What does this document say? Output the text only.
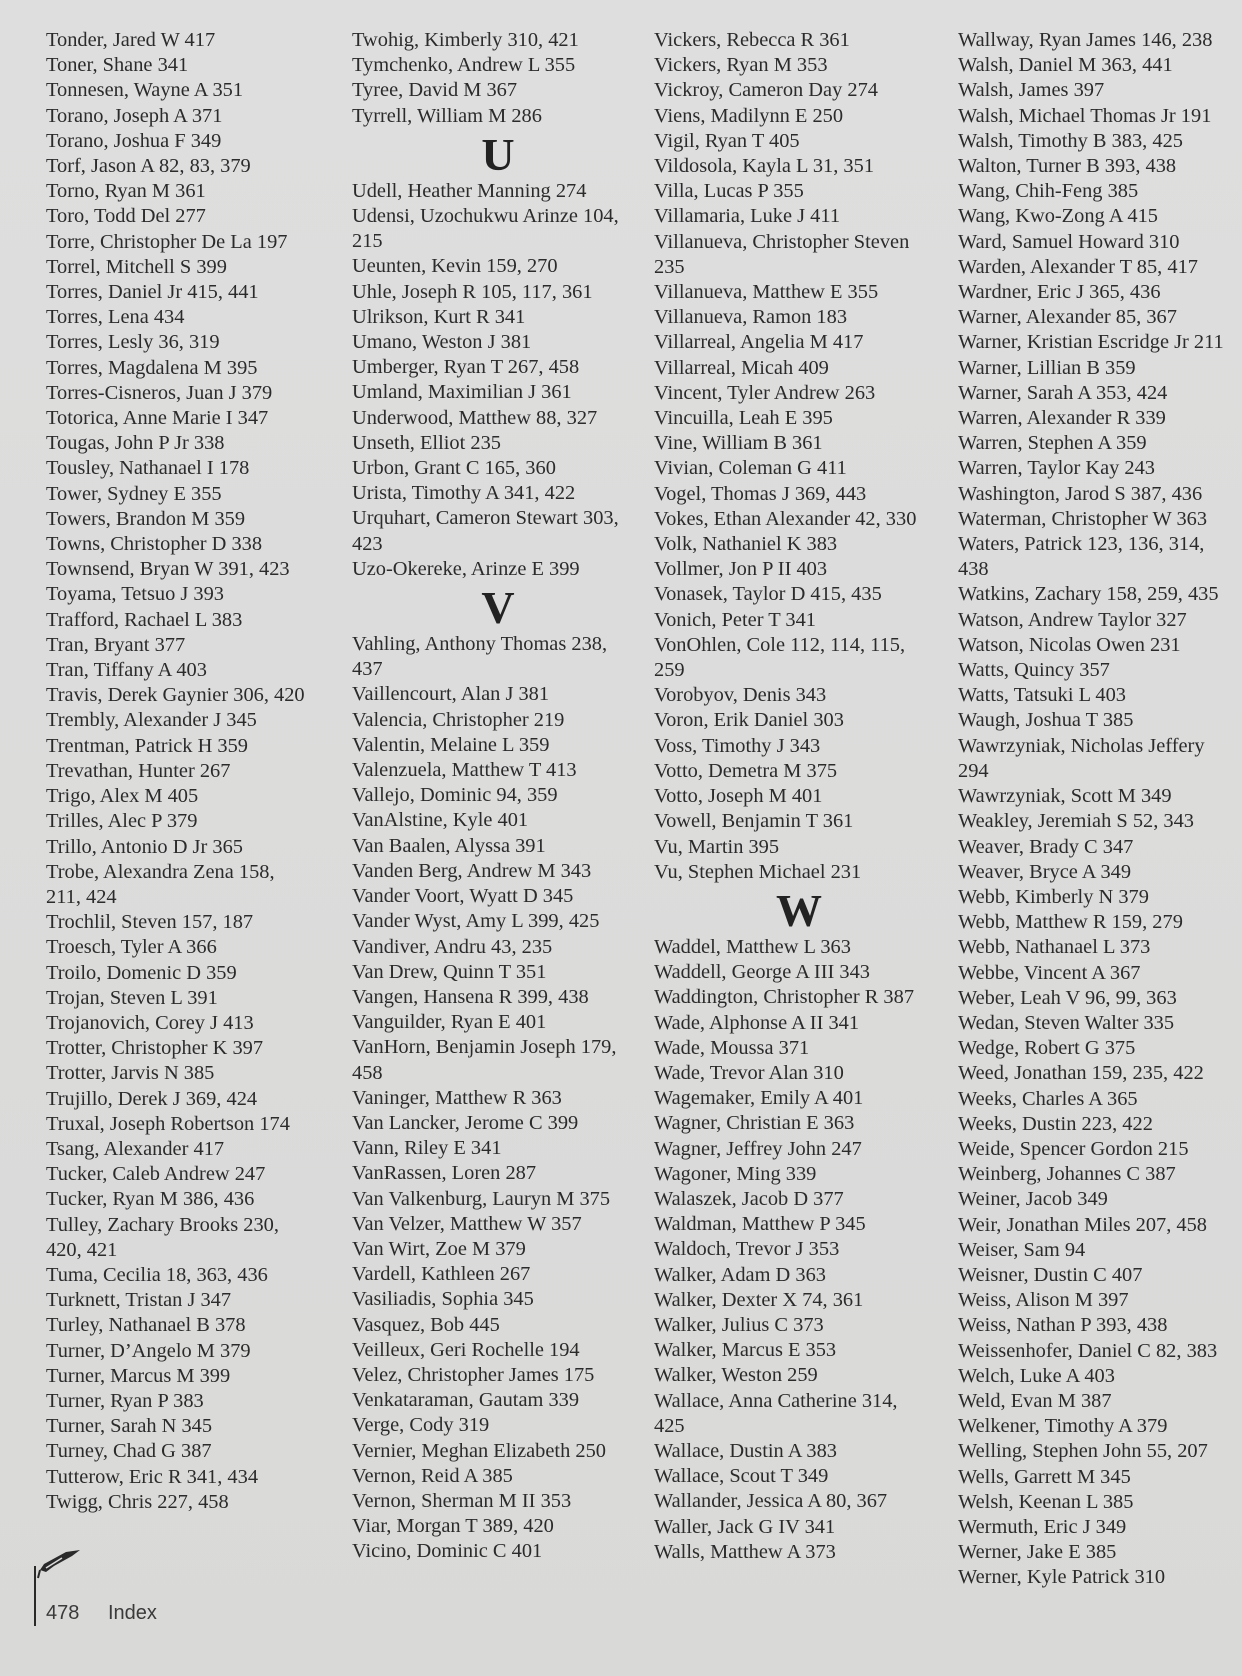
Tonder, Jared W 417
Toner, Shane 341
Tonnesen, Wayne A 351
Torano, Joseph A 371
Torano, Joshua F 349
Torf, Jason A 82, 83, 379
Torno, Ryan M 361
Toro, Todd Del 277
Torre, Christopher De La 197
Torrel, Mitchell S 399
Torres, Daniel Jr 415, 441
Torres, Lena 434
Torres, Lesly 36, 319
Torres, Magdalena M 395
Torres-Cisneros, Juan J 379
Totorica, Anne Marie I 347
Tougas, John P Jr 338
Tousley, Nathanael I 178
Tower, Sydney E 355
Towers, Brandon M 359
Towns, Christopher D 338
Townsend, Bryan W 391, 423
Toyama, Tetsuo J 393
Trafford, Rachael L 383
Tran, Bryant 377
Tran, Tiffany A 403
Travis, Derek Gaynier 306, 420
Trembly, Alexander J 345
Trentman, Patrick H 359
Trevathan, Hunter 267
Trigo, Alex M 405
Trilles, Alec P 379
Trillo, Antonio D Jr 365
Trobe, Alexandra Zena 158,
211, 424
Trochlil, Steven 157, 187
Troesch, Tyler A 366
Troilo, Domenic D 359
Trojan, Steven L 391
Trojanovich, Corey J 413
Trotter, Christopher K 397
Trotter, Jarvis N 385
Trujillo, Derek J 369, 424
Truxal, Joseph Robertson 174
Tsang, Alexander 417
Tucker, Caleb Andrew 247
Tucker, Ryan M 386, 436
Tulley, Zachary Brooks 230,
420, 421
Tuma, Cecilia 18, 363, 436
Turknett, Tristan J 347
Turley, Nathanael B 378
Turner, D’Angelo M 379
Turner, Marcus M 399
Turner, Ryan P 383
Turner, Sarah N 345
Turney, Chad G 387
Tutterow, Eric R 341, 434
Twigg, Chris 227, 458
Twohig, Kimberly 310, 421
Tymchenko, Andrew L 355
Tyree, David M 367
Tyrrell, William M 286
U
Udell, Heather Manning 274
Udensi, Uzochukwu Arinze 104,
215
Ueunten, Kevin 159, 270
Uhle, Joseph R 105, 117, 361
Ulrikson, Kurt R 341
Umano, Weston J 381
Umberger, Ryan T 267, 458
Umland, Maximilian J 361
Underwood, Matthew 88, 327
Unseth, Elliot 235
Urbon, Grant C 165, 360
Urista, Timothy A 341, 422
Urquhart, Cameron Stewart 303,
423
Uzo-Okereke, Arinze E 399
V
Vahling, Anthony Thomas 238,
437
Vaillencourt, Alan J 381
Valencia, Christopher 219
Valentin, Melaine L 359
Valenzuela, Matthew T 413
Vallejo, Dominic 94, 359
VanAlstine, Kyle 401
Van Baalen, Alyssa 391
Vanden Berg, Andrew M 343
Vander Voort, Wyatt D 345
Vander Wyst, Amy L 399, 425
Vandiver, Andru 43, 235
Van Drew, Quinn T 351
Vangen, Hansena R 399, 438
Vanguilder, Ryan E 401
VanHorn, Benjamin Joseph 179,
458
Vaninger, Matthew R 363
Van Lancker, Jerome C 399
Vann, Riley E 341
VanRassen, Loren 287
Van Valkenburg, Lauryn M 375
Van Velzer, Matthew W 357
Van Wirt, Zoe M 379
Vardell, Kathleen 267
Vasiliadis, Sophia 345
Vasquez, Bob 445
Veilleux, Geri Rochelle 194
Velez, Christopher James 175
Venkataraman, Gautam 339
Verge, Cody 319
Vernier, Meghan Elizabeth 250
Vernon, Reid A 385
Vernon, Sherman M II 353
Viar, Morgan T 389, 420
Vicino, Dominic C 401
Vickers, Rebecca R 361
Vickers, Ryan M 353
Vickroy, Cameron Day 274
Viens, Madilynn E 250
Vigil, Ryan T 405
Vildosola, Kayla L 31, 351
Villa, Lucas P 355
Villamaria, Luke J 411
Villanueva, Christopher Steven
235
Villanueva, Matthew E 355
Villanueva, Ramon 183
Villarreal, Angelia M 417
Villarreal, Micah 409
Vincent, Tyler Andrew 263
Vincuilla, Leah E 395
Vine, William B 361
Vivian, Coleman G 411
Vogel, Thomas J 369, 443
Vokes, Ethan Alexander 42, 330
Volk, Nathaniel K 383
Vollmer, Jon P II 403
Vonasek, Taylor D 415, 435
Vonich, Peter T 341
VonOhlen, Cole 112, 114, 115,
259
Vorobyov, Denis 343
Voron, Erik Daniel 303
Voss, Timothy J 343
Votto, Demetra M 375
Votto, Joseph M 401
Vowell, Benjamin T 361
Vu, Martin 395
Vu, Stephen Michael 231
W
Waddel, Matthew L 363
Waddell, George A III 343
Waddington, Christopher R 387
Wade, Alphonse A II 341
Wade, Moussa 371
Wade, Trevor Alan 310
Wagemaker, Emily A 401
Wagner, Christian E 363
Wagner, Jeffrey John 247
Wagoner, Ming 339
Walaszek, Jacob D 377
Waldman, Matthew P 345
Waldoch, Trevor J 353
Walker, Adam D 363
Walker, Dexter X 74, 361
Walker, Julius C 373
Walker, Marcus E 353
Walker, Weston 259
Wallace, Anna Catherine 314,
425
Wallace, Dustin A 383
Wallace, Scout T 349
Wallander, Jessica A 80, 367
Waller, Jack G IV 341
Walls, Matthew A 373
Wallway, Ryan James 146, 238
Walsh, Daniel M 363, 441
Walsh, James 397
Walsh, Michael Thomas Jr 191
Walsh, Timothy B 383, 425
Walton, Turner B 393, 438
Wang, Chih-Feng 385
Wang, Kwo-Zong A 415
Ward, Samuel Howard 310
Warden, Alexander T 85, 417
Wardner, Eric J 365, 436
Warner, Alexander 85, 367
Warner, Kristian Escridge Jr 211
Warner, Lillian B 359
Warner, Sarah A 353, 424
Warren, Alexander R 339
Warren, Stephen A 359
Warren, Taylor Kay 243
Washington, Jarod S 387, 436
Waterman, Christopher W 363
Waters, Patrick 123, 136, 314,
438
Watkins, Zachary 158, 259, 435
Watson, Andrew Taylor 327
Watson, Nicolas Owen 231
Watts, Quincy 357
Watts, Tatsuki L 403
Waugh, Joshua T 385
Wawrzyniak, Nicholas Jeffery
294
Wawrzyniak, Scott M 349
Weakley, Jeremiah S 52, 343
Weaver, Brady C 347
Weaver, Bryce A 349
Webb, Kimberly N 379
Webb, Matthew R 159, 279
Webb, Nathanael L 373
Webbe, Vincent A 367
Weber, Leah V 96, 99, 363
Wedan, Steven Walter 335
Wedge, Robert G 375
Weed, Jonathan 159, 235, 422
Weeks, Charles A 365
Weeks, Dustin 223, 422
Weide, Spencer Gordon 215
Weinberg, Johannes C 387
Weiner, Jacob 349
Weir, Jonathan Miles 207, 458
Weiser, Sam 94
Weisner, Dustin C 407
Weiss, Alison M 397
Weiss, Nathan P 393, 438
Weissenhofer, Daniel C 82, 383
Welch, Luke A 403
Weld, Evan M 387
Welkener, Timothy A 379
Welling, Stephen John 55, 207
Wells, Garrett M 345
Welsh, Keenan L 385
Wermuth, Eric J 349
Werner, Jake E 385
Werner, Kyle Patrick 310
478 Index
